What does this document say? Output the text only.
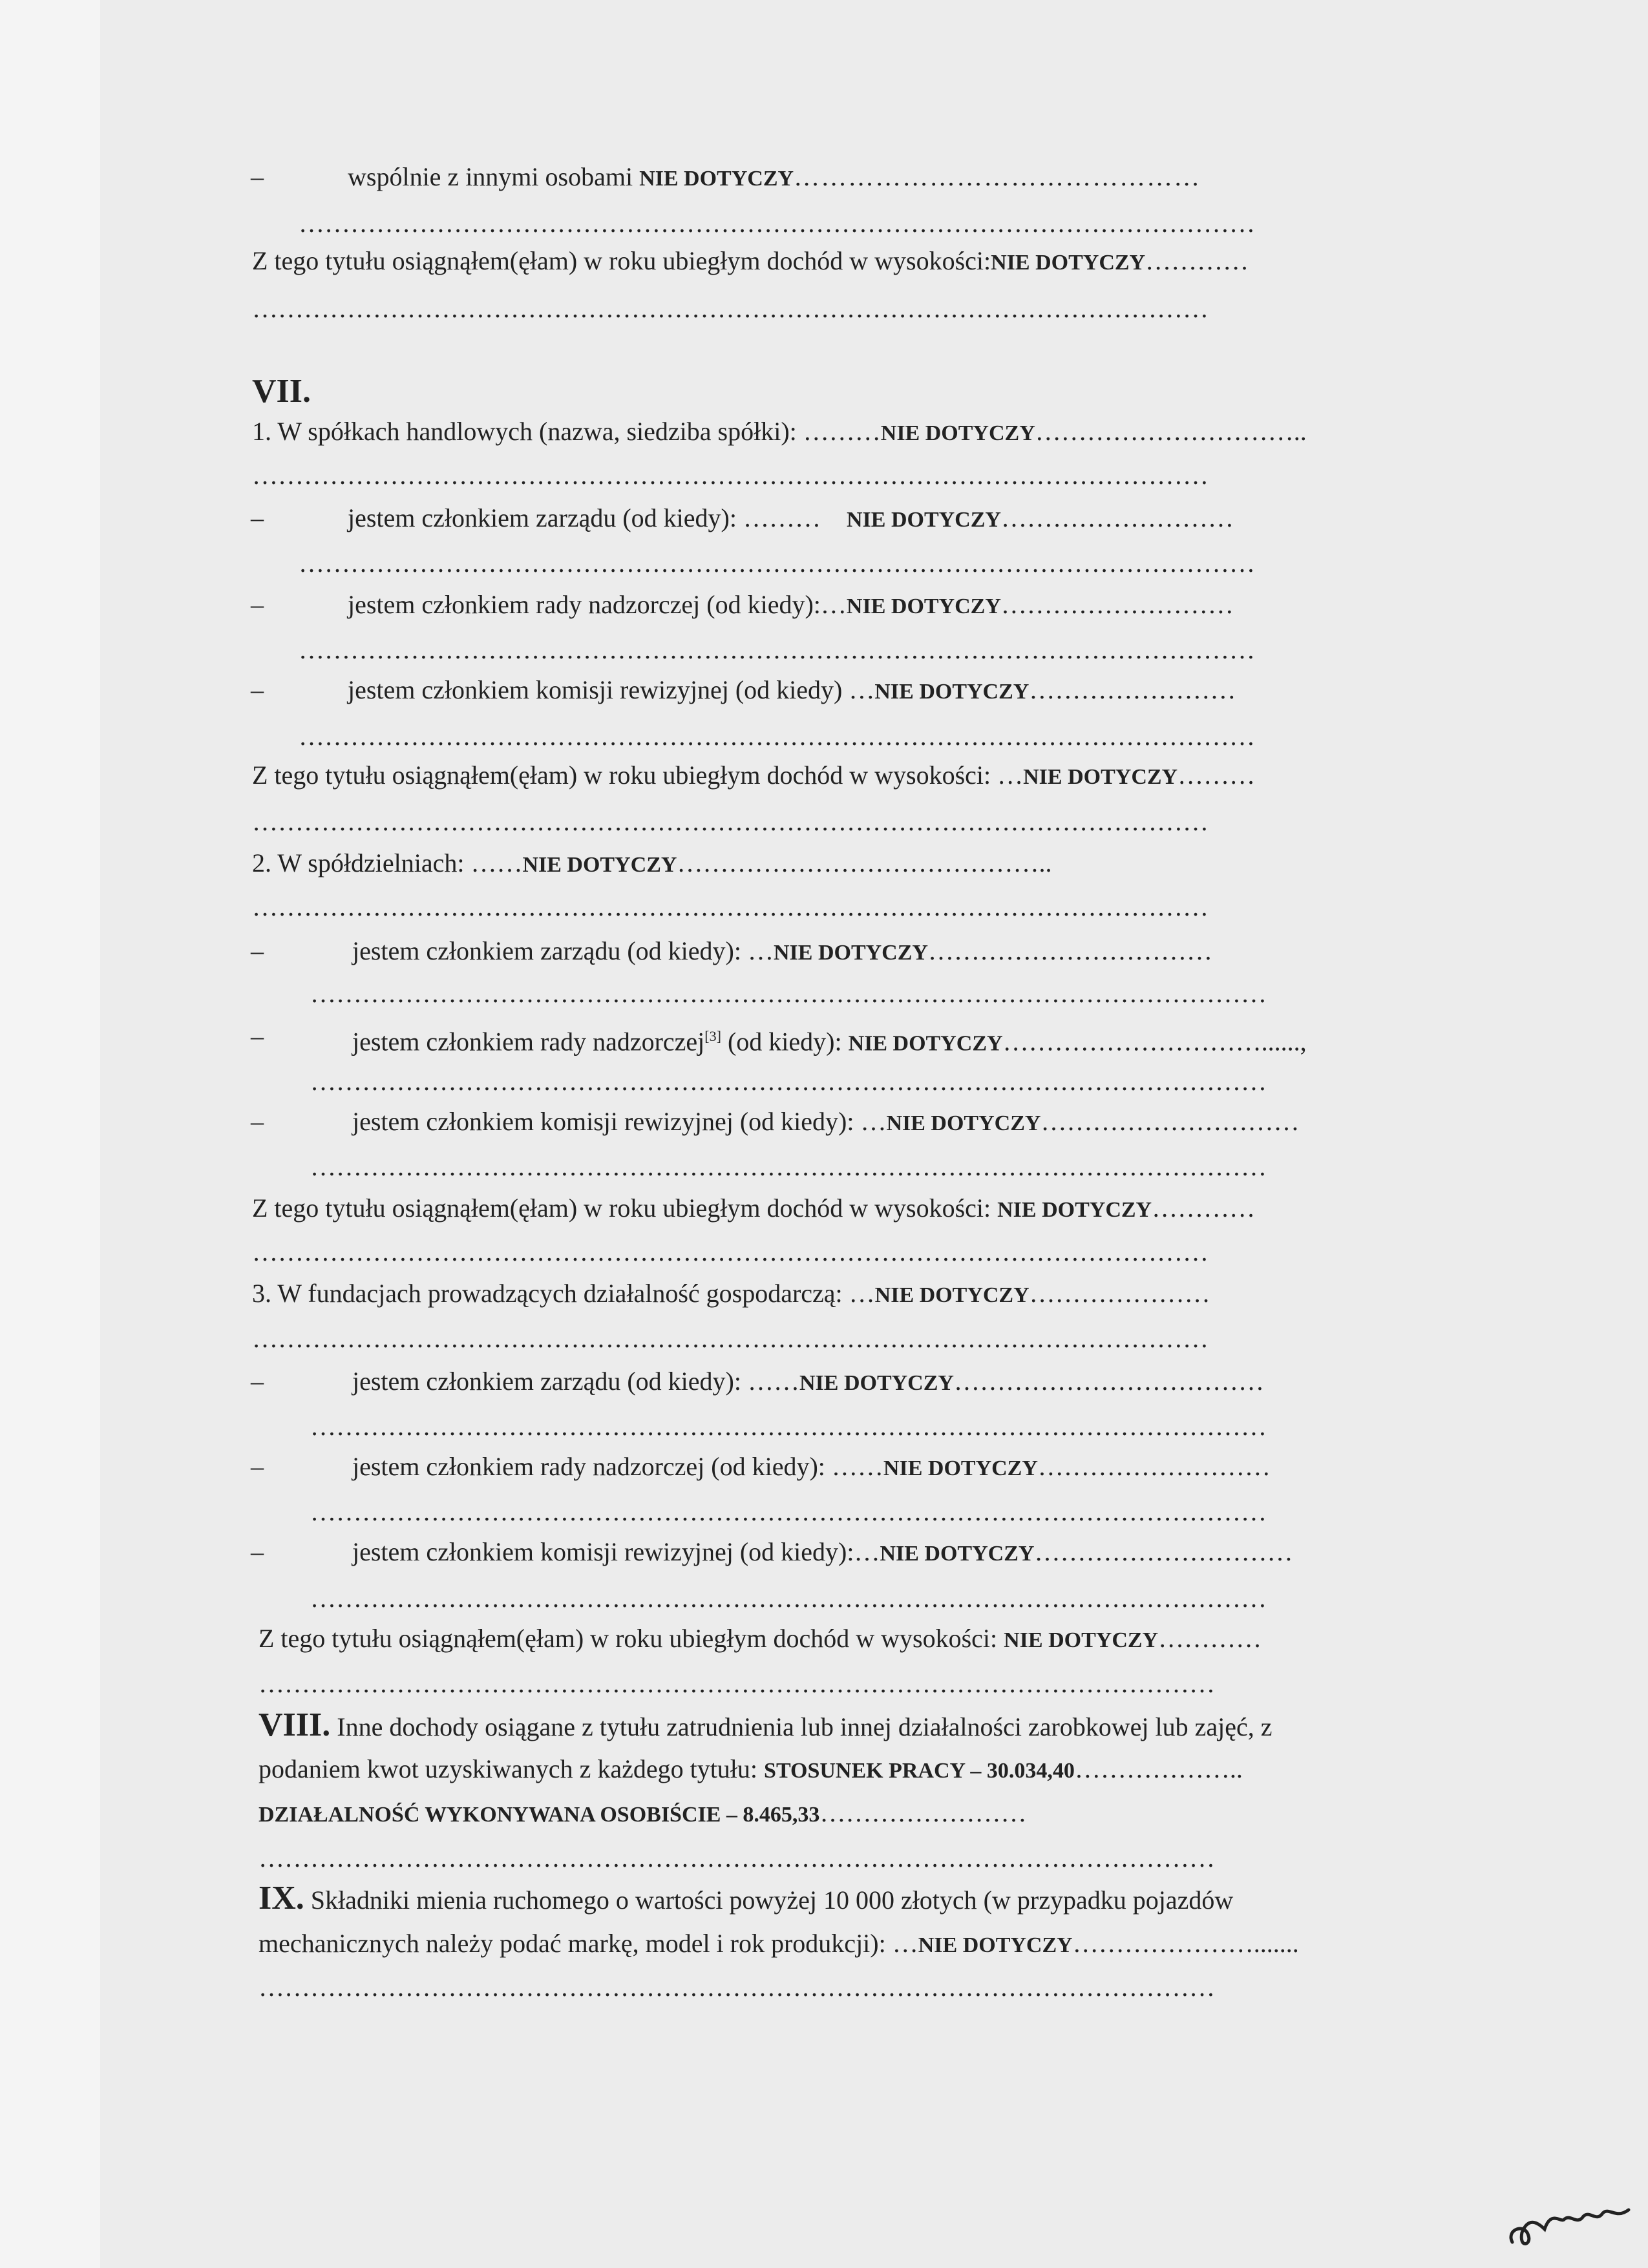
–	wspólnie z innymi osobami NIE DOTYCZY………………………………………
…………………………………………………………………………………………………
Z tego tytułu osiągnąłem(ęłam) w roku ubiegłym dochód w wysokości:NIE DOTYCZY…………
…………………………………………………………………………………………………
VII.
1. W spółkach handlowych (nazwa, siedziba spółki): ………NIE DOTYCZY…………………………..
…………………………………………………………………………………………………
–	jestem członkiem zarządu (od kiedy): ………    NIE DOTYCZY………………………
…………………………………………………………………………………………………
–	jestem członkiem rady nadzorczej (od kiedy):…NIE DOTYCZY………………………
…………………………………………………………………………………………………
–	jestem członkiem komisji rewizyjnej (od kiedy) …NIE DOTYCZY……………………
…………………………………………………………………………………………………
Z tego tytułu osiągnąłem(ęłam) w roku ubiegłym dochód w wysokości: …NIE DOTYCZY………
…………………………………………………………………………………………………
2. W spółdzielniach: ……NIE DOTYCZY……………………………………..
…………………………………………………………………………………………………
–	jestem członkiem zarządu (od kiedy): …NIE DOTYCZY……………………………
…………………………………………………………………………………………………
–	jestem członkiem rady nadzorczej[3] (od kiedy): NIE DOTYCZY…………………………......,
…………………………………………………………………………………………………
–	jestem członkiem komisji rewizyjnej (od kiedy): …NIE DOTYCZY…………………………
…………………………………………………………………………………………………
Z tego tytułu osiągnąłem(ęłam) w roku ubiegłym dochód w wysokości: NIE DOTYCZY…………
…………………………………………………………………………………………………
3. W fundacjach prowadzących działalność gospodarczą: …NIE DOTYCZY…………………
…………………………………………………………………………………………………
–	jestem członkiem zarządu (od kiedy): ……NIE DOTYCZY………………………………
…………………………………………………………………………………………………
–	jestem członkiem rady nadzorczej (od kiedy): ……NIE DOTYCZY………………………
…………………………………………………………………………………………………
–	jestem członkiem komisji rewizyjnej (od kiedy):…NIE DOTYCZY…………………………
…………………………………………………………………………………………………
Z tego tytułu osiągnąłem(ęłam) w roku ubiegłym dochód w wysokości: NIE DOTYCZY…………
…………………………………………………………………………………………………
VIII. Inne dochody osiągane z tytułu zatrudnienia lub innej działalności zarobkowej lub zajęć, z
podaniem kwot uzyskiwanych z każdego tytułu: STOSUNEK PRACY – 30.034,40………………..
DZIAŁALNOŚĆ WYKONYWANA OSOBIŚCIE – 8.465,33……………………
…………………………………………………………………………………………………
IX. Składniki mienia ruchomego o wartości powyżej 10 000 złotych (w przypadku pojazdów
mechanicznych należy podać markę, model i rok produkcji): …NIE DOTYCZY………………….......
…………………………………………………………………………………………………
